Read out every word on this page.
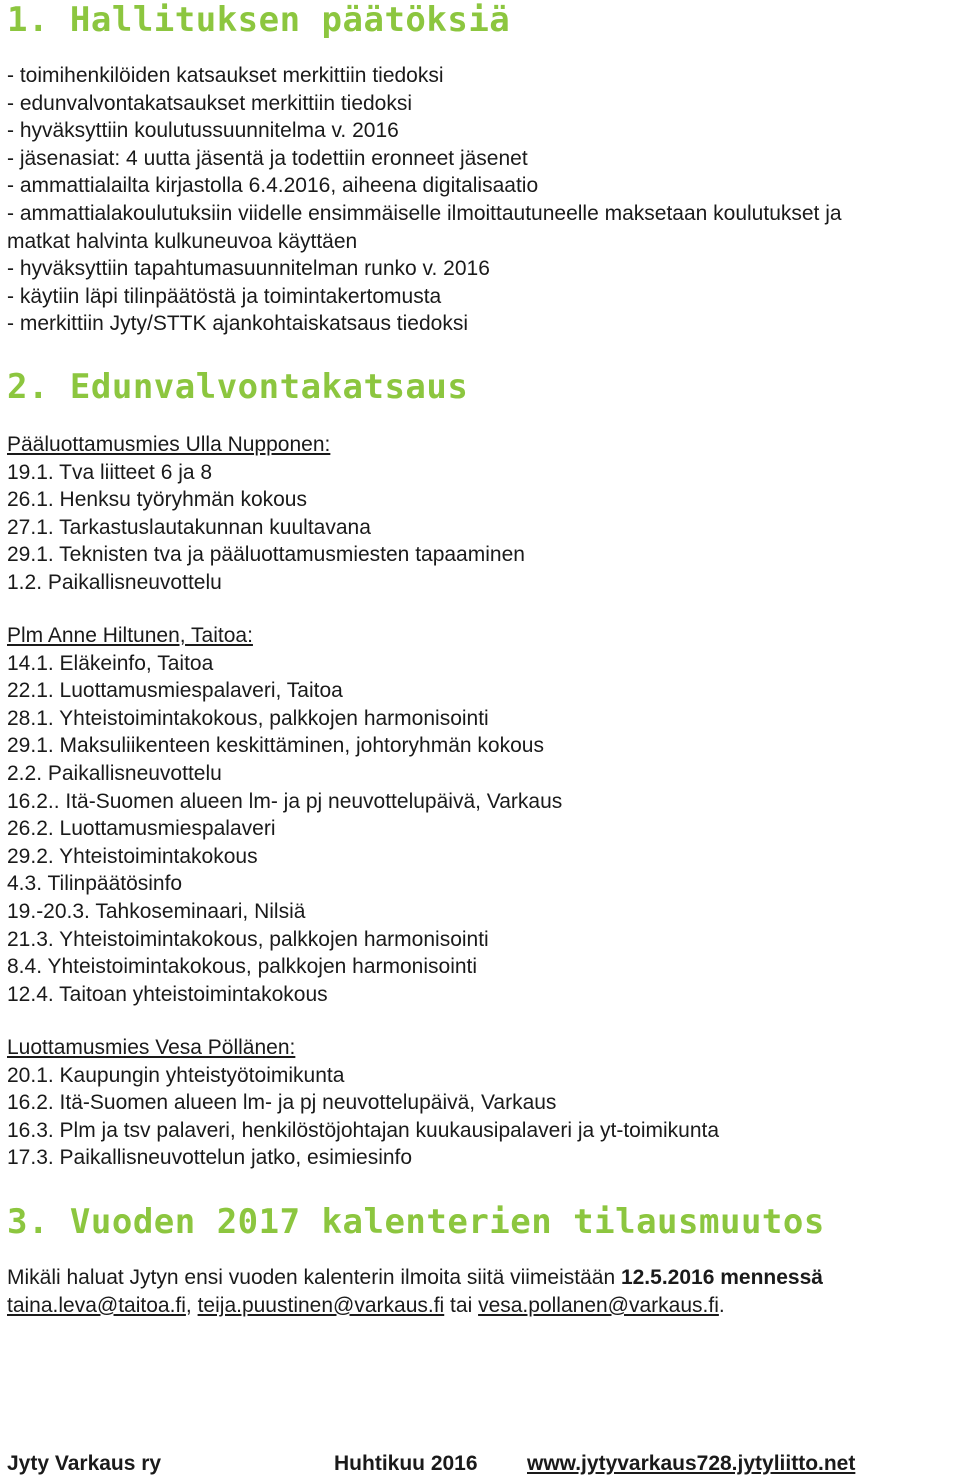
1. Hallituksen päätöksiä
- toimihenkilöiden katsaukset merkittiin tiedoksi
- edunvalvontakatsaukset merkittiin tiedoksi
- hyväksyttiin koulutussuunnitelma v. 2016
- jäsenasiat: 4 uutta jäsentä ja todettiin eronneet jäsenet
- ammattialailta kirjastolla 6.4.2016, aiheena digitalisaatio
- ammattialakoulutuksiin viidelle ensimmäiselle ilmoittautuneelle maksetaan koulutukset ja
matkat halvinta kulkuneuvoa käyttäen
- hyväksyttiin tapahtumasuunnitelman runko v. 2016
- käytiin läpi tilinpäätöstä ja toimintakertomusta
- merkittiin Jyty/STTK ajankohtaiskatsaus tiedoksi
2. Edunvalvontakatsaus
Pääluottamusmies Ulla Nupponen:
19.1. Tva liitteet 6 ja 8
26.1. Henksu työryhmän kokous
27.1. Tarkastuslautakunnan kuultavana
29.1. Teknisten tva ja pääluottamusmiesten tapaaminen
1.2. Paikallisneuvottelu
Plm Anne Hiltunen, Taitoa:
14.1. Eläkeinfo, Taitoa
22.1. Luottamusmiespalaveri, Taitoa
28.1. Yhteistoimintakokous, palkkojen harmonisointi
29.1. Maksuliikenteen keskittäminen, johtoryhmän kokous
2.2. Paikallisneuvottelu
16.2.. Itä-Suomen alueen lm- ja pj neuvottelupäivä, Varkaus
26.2. Luottamusmiespalaveri
29.2. Yhteistoimintakokous
4.3. Tilinpäätösinfo
19.-20.3. Tahkoseminaari, Nilsiä
21.3. Yhteistoimintakokous, palkkojen harmonisointi
8.4. Yhteistoimintakokous, palkkojen harmonisointi
12.4. Taitoan yhteistoimintakokous
Luottamusmies Vesa Pöllänen:
20.1. Kaupungin yhteistyötoimikunta
16.2. Itä-Suomen alueen lm- ja pj neuvottelupäivä, Varkaus
16.3. Plm ja tsv palaveri, henkilöstöjohtajan kuukausipalaveri ja yt-toimikunta
17.3. Paikallisneuvottelun jatko, esimiesinfo
3. Vuoden 2017 kalenterien tilausmuutos
Mikäli haluat Jytyn ensi vuoden kalenterin ilmoita siitä viimeistään 12.5.2016 mennessä
taina.leva@taitoa.fi, teija.puustinen@varkaus.fi tai vesa.pollanen@varkaus.fi.
Jyty Varkaus ry	Huhtikuu 2016 www.jytyvarkaus728.jytyliitto.net
